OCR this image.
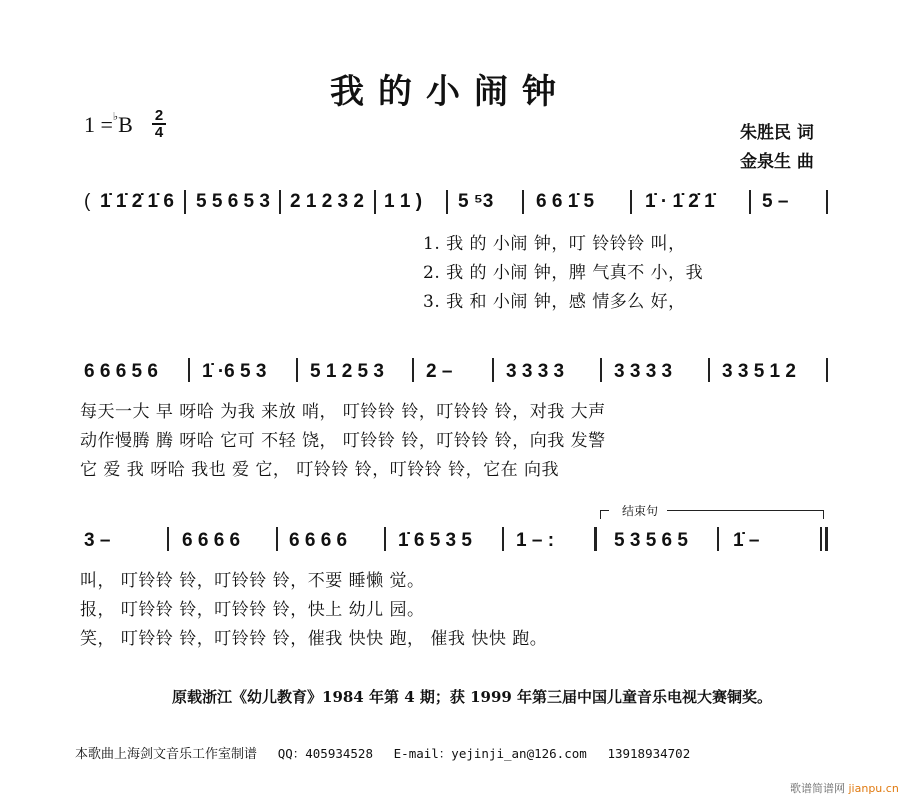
我的小闹钟
1 =♭B 2
4	朱胜民 词
金泉生 曲
( 1̇ 1̇ 2̇ 1̇ 6 5 5 6 5 3 2 1 2 3 2 1 1 ) 5 ⁵3 6 6 1̇ 5	1̇ · 1̇ 2̇ 1̇ 5 –
1. 我 的 小闹 钟，叮 铃铃铃 叫，
2. 我 的 小闹 钟，脾 气真不 小，我
3. 我 和 小闹 钟，感 情多么 好，
6 6 6 5 6 1̇ ·6 5 3 5 1 2 5 3 2 –	3 3 3 3	3 3 3 3	3 3 5 1 2
每天一大 早 呀哈 为我 来放 哨， 叮铃铃 铃，叮铃铃 铃，对我 大声
动作慢腾 腾 呀哈 它可 不轻 饶， 叮铃铃 铃，叮铃铃 铃，向我 发警
它 爱 我 呀哈 我也 爱 它， 叮铃铃 铃，叮铃铃 铃，它在 向我
结束句
3 –	6 6 6 6	6 6 6 6	1̇ 6 5 3 5 1 – :	5 3 5 6 5 1̇ –
叫， 叮铃铃 铃，叮铃铃 铃，不要 睡懒 觉。
报， 叮铃铃 铃，叮铃铃 铃，快上 幼儿 园。
笑， 叮铃铃 铃，叮铃铃 铃，催我 快快 跑， 催我 快快 跑。
原载浙江《幼儿教育》1984 年第 4 期；获 1999 年第三届中国儿童音乐电视大赛铜奖。
本歌曲上海剑文音乐工作室制谱 QQ：405934528 E-mail：yejinji_an@126.com 13918934702
歌谱简谱网 jianpu.cn
